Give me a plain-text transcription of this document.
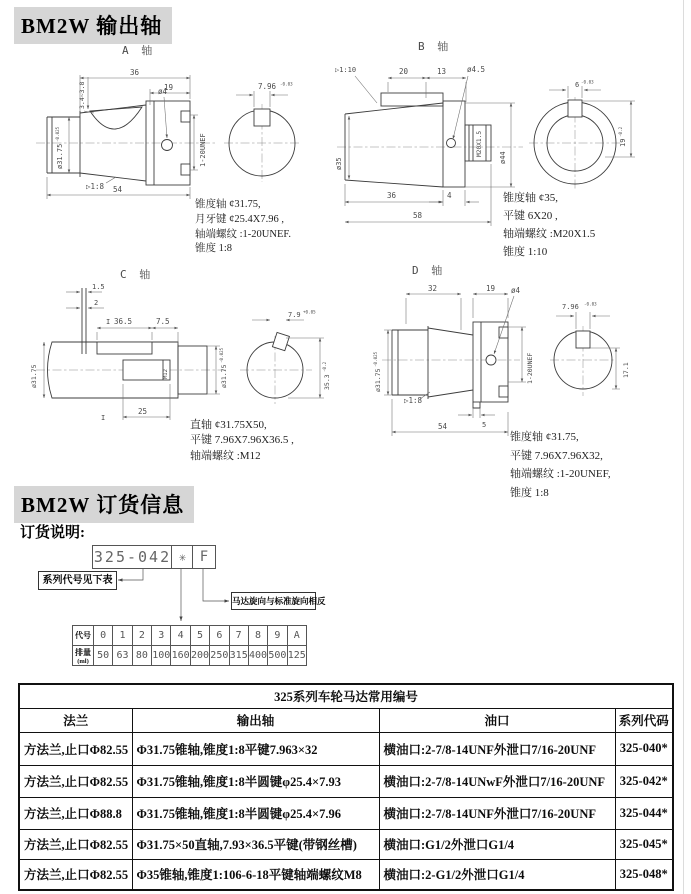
BM2W 输出轴
A 轴	B 轴
C 轴	D 轴
36
19
3.4~3.8	ø4
ø31.75
-0.025	1-20UNEF
▷1:8 54
7.96 -0.03
▷1:10	20	13	ø4.5
ø35
M20X1.5
ø44
36	4
58
6 -0.03
19
-0.2
1.5
2
36.5	7.5
I
I
ø31.75	M12	ø31.75
-0.025
25
7.9 +0.05
35.3
-0.2
32	19 ø4
ø31.75
-0.025	1-20UNEF
▷1:8
5
54
7.96 -0.03
17.1
锥度轴 ¢31.75,
月牙键 ¢25.4X7.96 ,
轴端螺纹 :1-20UNEF.
锥度 1:8
锥度轴 ¢35,
平键 6X20 ,
轴端螺纹 :M20X1.5
锥度 1:10
直轴 ¢31.75X50,
平键 7.96X7.96X36.5 ,
轴端螺纹 :M12
锥度轴 ¢31.75,
平键 7.96X7.96X32,
轴端螺纹 :1-20UNEF,
锥度 1:8
BM2W 订货信息
订货说明:
325-042 ✳ F
系列代号见下表
马达旋向与标准旋向相反
代号	0	1	2	3	4	5	6	7	8	9	A
排量
(ml)	50	63	80	100	160	200	250	315	400	500	125
325系列车轮马达常用编号			
法兰	输出轴	油口	系列代码
方法兰,止口Φ82.55	Φ31.75锥轴,锥度1:8平键7.963×32	横油口:2-7/8-14UNF外泄口7/16-20UNF	325-040*
方法兰,止口Φ82.55	Φ31.75锥轴,锥度1:8半圆键φ25.4×7.93	横油口:2-7/8-14UNwF外泄口7/16-20UNF	325-042*
方法兰,止口Φ88.8	Φ31.75锥轴,锥度1:8半圆键φ25.4×7.96	横油口:2-7/8-14UNF外泄口7/16-20UNF	325-044*
方法兰,止口Φ82.55	Φ31.75×50直轴,7.93×36.5平键(带钢丝槽)	横油口:G1/2外泄口G1/4	325-045*
方法兰,止口Φ82.55	Φ35锥轴,锥度1:106-6-18平键轴端螺纹M8	横油口:2-G1/2外泄口G1/4	325-048*
